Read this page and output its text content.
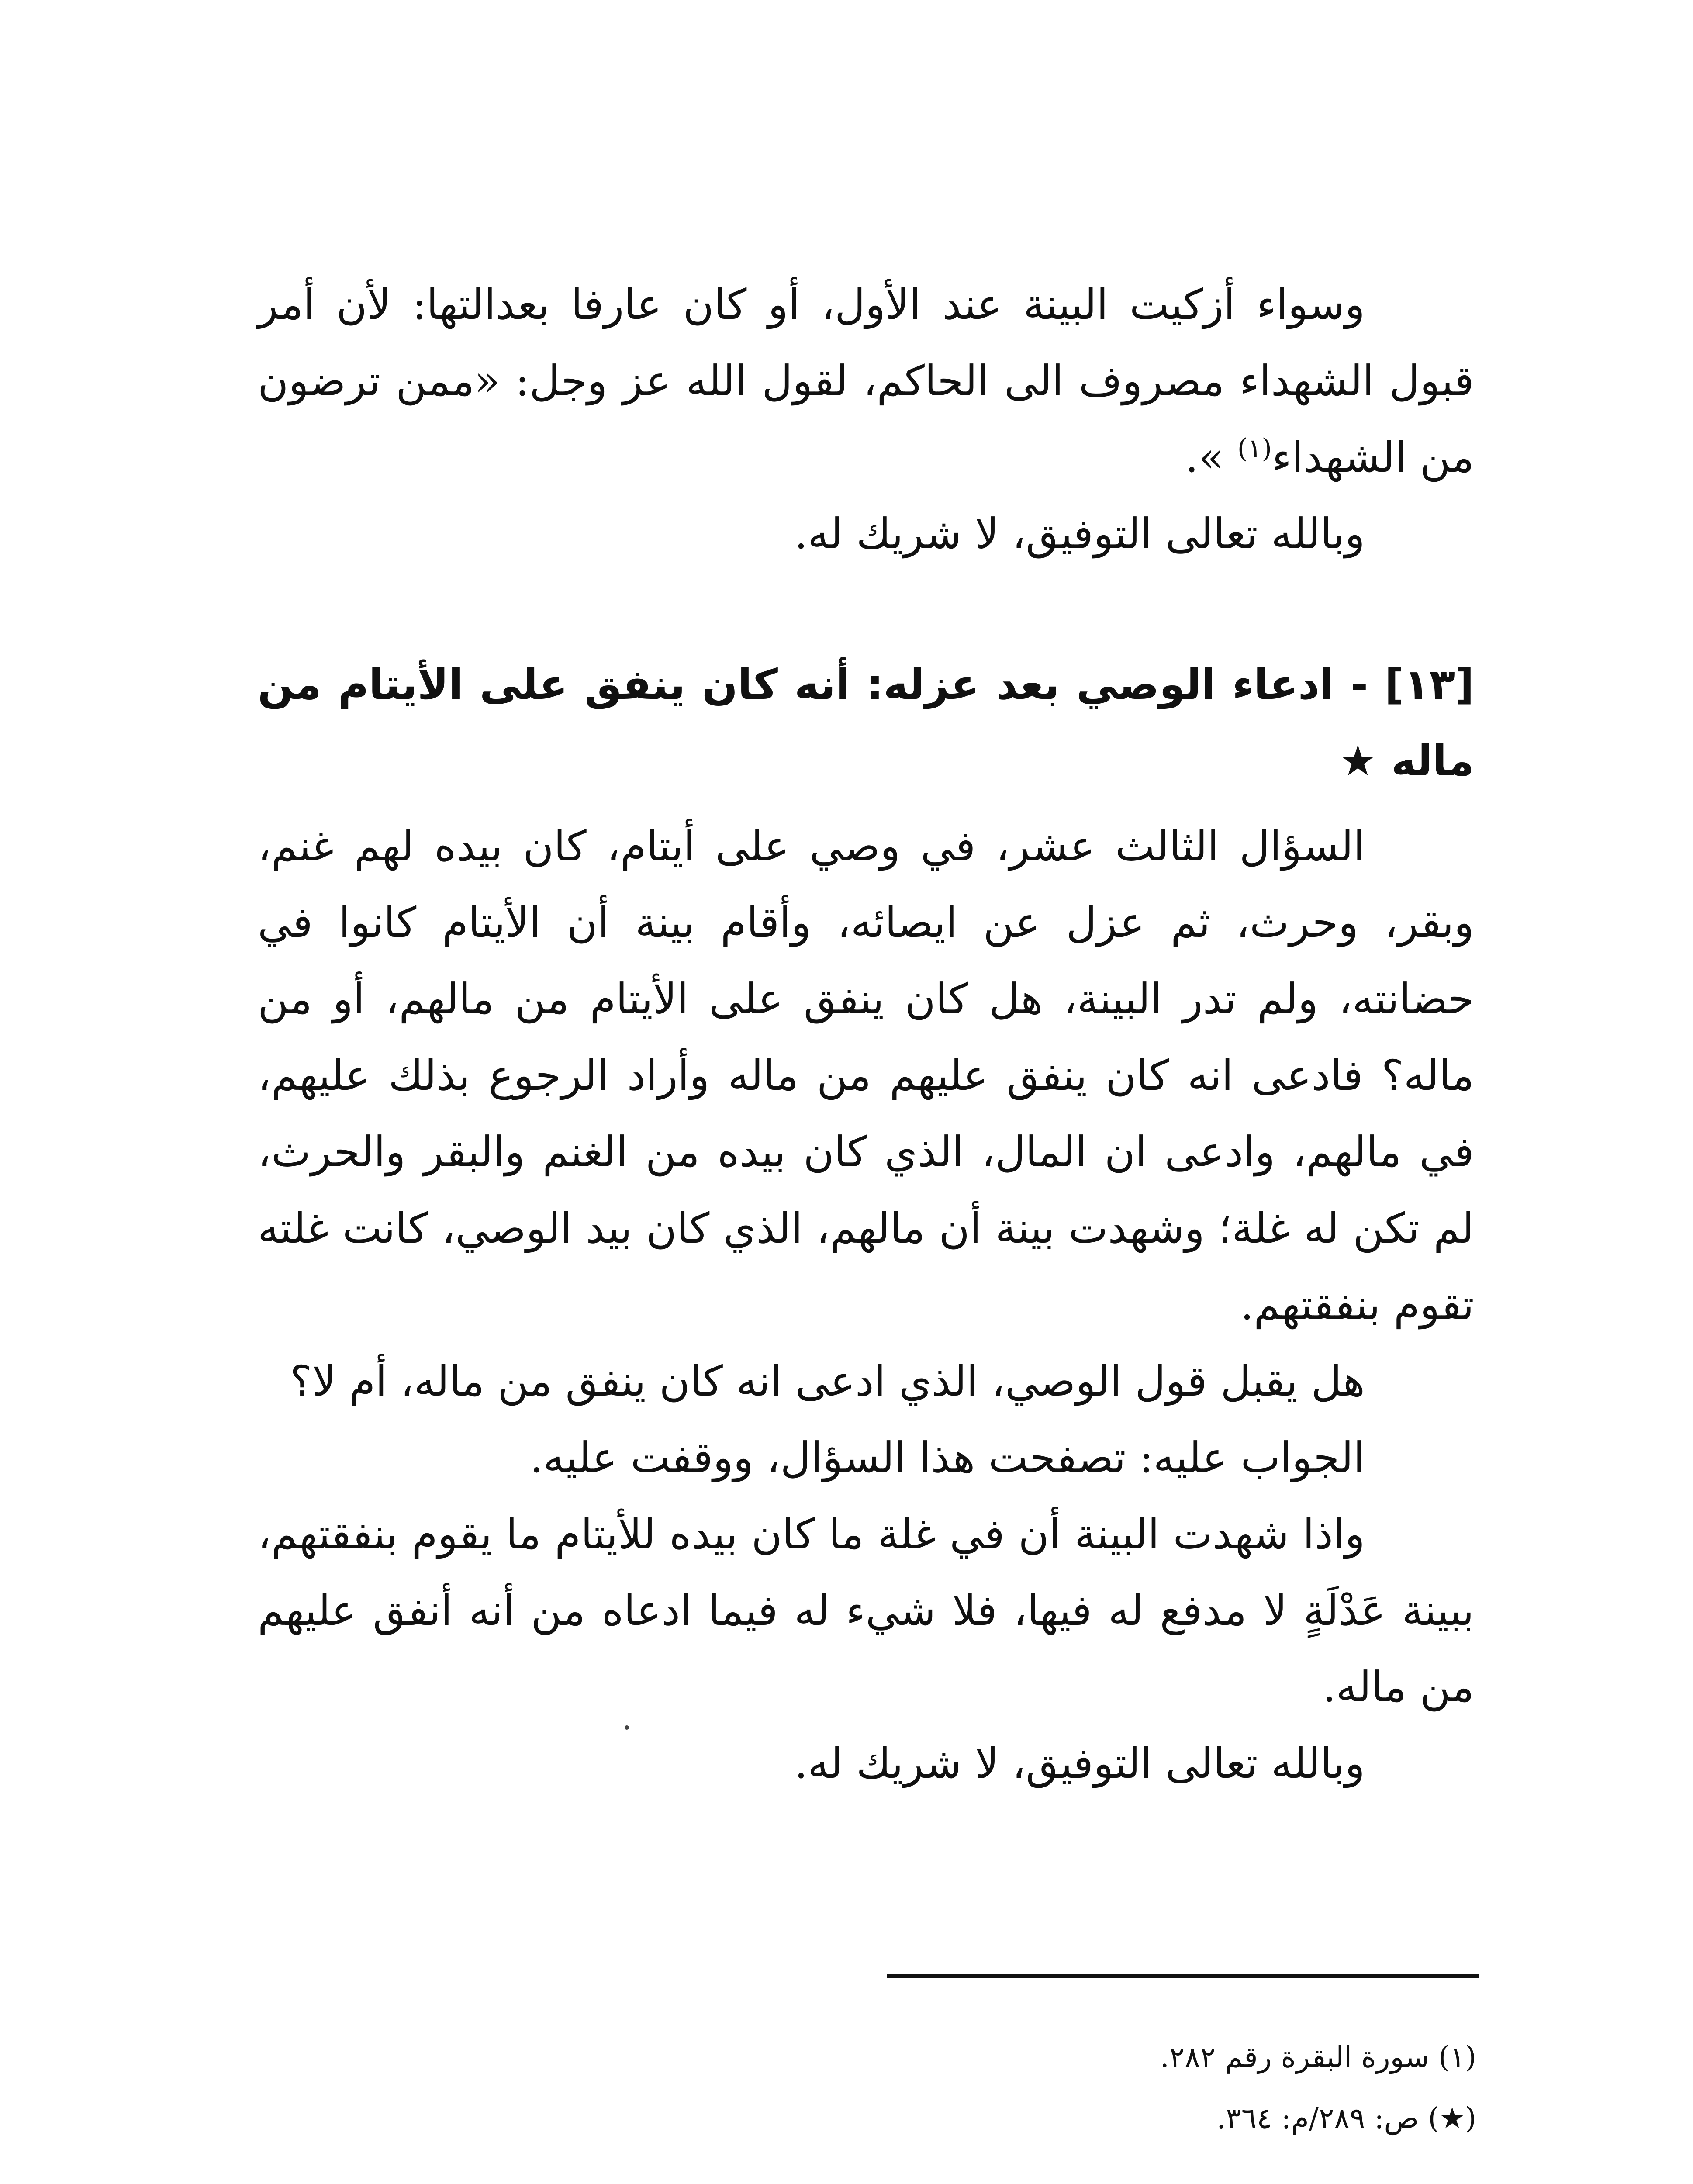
وسواء أزكيت البينة عند الأول، أو كان عارفا بعدالتها: لأن أمر قبول الشهداء مصروف الى الحاكم، لقول الله عز وجل: «ممن ترضون من الشهداء$^{(١)}$ ».

وبالله تعالى التوفيق، لا شريك له.

[١٣] - ادعاء الوصي بعد عزله: أنه كان ينفق على الأيتام من ماله ★

السؤال الثالث عشر، في وصي على أيتام، كان بيده لهم غنم، وبقر، وحرث، ثم عزل عن ايصائه، وأقام بينة أن الأيتام كانوا في حضانته، ولم تدر البينة، هل كان ينفق على الأيتام من مالهم، أو من ماله؟ فادعى انه كان ينفق عليهم من ماله وأراد الرجوع بذلك عليهم، في مالهم، وادعى ان المال، الذي كان بيده من الغنم والبقر والحرث، لم تكن له غلة؛ وشهدت بينة أن مالهم، الذي كان بيد الوصي، كانت غلته تقوم بنفقتهم.

هل يقبل قول الوصي، الذي ادعى انه كان ينفق من ماله، أم لا؟

الجواب عليه: تصفحت هذا السؤال، ووقفت عليه.

واذا شهدت البينة أن في غلة ما كان بيده للأيتام ما يقوم بنفقتهم، ببينة عَدْلَةٍ لا مدفع له فيها، فلا شيء له فيما ادعاه من أنه أنفق عليهم من ماله.

وبالله تعالى التوفيق، لا شريك له.

(١) سورة البقرة رقم ٢٨٢.

(★) ص: ٢٨٩/م: ٣٦٤.
